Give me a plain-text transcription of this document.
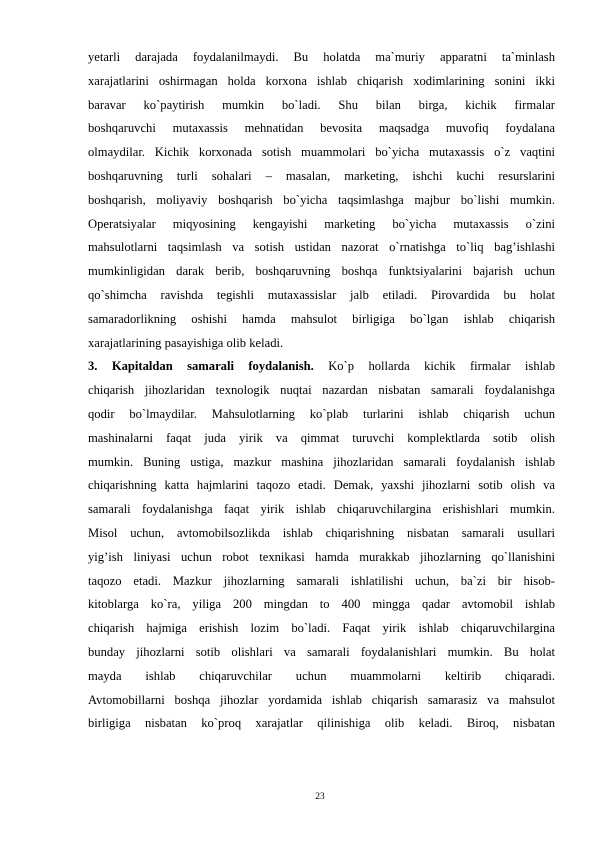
yetarli darajada foydalanilmaydi. Bu holatda ma`muriy apparatni ta`minlash
xarajatlarini oshirmagan holda korxona ishlab chiqarish xodimlarining sonini ikki
baravar ko`paytirish mumkin bo`ladi. Shu bilan birga, kichik firmalar
boshqaruvchi mutaxassis mehnatidan bevosita maqsadga muvofiq foydalana
olmaydilar. Kichik korxonada sotish muammolari bo`yicha mutaxassis o`z vaqtini
boshqaruvning turli sohalari – masalan, marketing, ishchi kuchi resurslarini
boshqarish, moliyaviy boshqarish bo`yicha taqsimlashga majbur bo`lishi mumkin.
Operatsiyalar miqyosining kengayishi marketing bo`yicha mutaxassis o`zini
mahsulotlarni taqsimlash va sotish ustidan nazorat o`rnatishga to`liq bag’ishlashi
mumkinligidan darak berib, boshqaruvning boshqa funktsiyalarini bajarish uchun
qo`shimcha ravishda tegishli mutaxassislar jalb etiladi. Pirovardida bu holat
samaradorlikning oshishi hamda mahsulot birligiga bo`lgan ishlab chiqarish
xarajatlarining pasayishiga olib keladi.
3. Kapitaldan samarali foydalanish. Ko`p hollarda kichik firmalar ishlab
chiqarish jihozlaridan texnologik nuqtai nazardan nisbatan samarali foydalanishga
qodir bo`lmaydilar. Mahsulotlarning ko`plab turlarini ishlab chiqarish uchun
mashinalarni faqat juda yirik va qimmat turuvchi komplektlarda sotib olish
mumkin. Buning ustiga, mazkur mashina jihozlaridan samarali foydalanish ishlab
chiqarishning katta hajmlarini taqozo etadi. Demak, yaxshi jihozlarni sotib olish va
samarali foydalanishga faqat yirik ishlab chiqaruvchilargina erishishlari mumkin.
Misol uchun, avtomobilsozlikda ishlab chiqarishning nisbatan samarali usullari
yig’ish liniyasi uchun robot texnikasi hamda murakkab jihozlarning qo`llanishini
taqozo etadi. Mazkur jihozlarning samarali ishlatilishi uchun, ba`zi bir hisob-
kitoblarga ko`ra, yiliga 200 mingdan to 400 mingga qadar avtomobil ishlab
chiqarish hajmiga erishish lozim bo`ladi. Faqat yirik ishlab chiqaruvchilargina
bunday jihozlarni sotib olishlari va samarali foydalanishlari mumkin. Bu holat
mayda ishlab chiqaruvchilar uchun muammolarni keltirib chiqaradi.
Avtomobillarni boshqa jihozlar yordamida ishlab chiqarish samarasiz va mahsulot
birligiga nisbatan ko`proq xarajatlar qilinishiga olib keladi. Biroq, nisbatan
23
